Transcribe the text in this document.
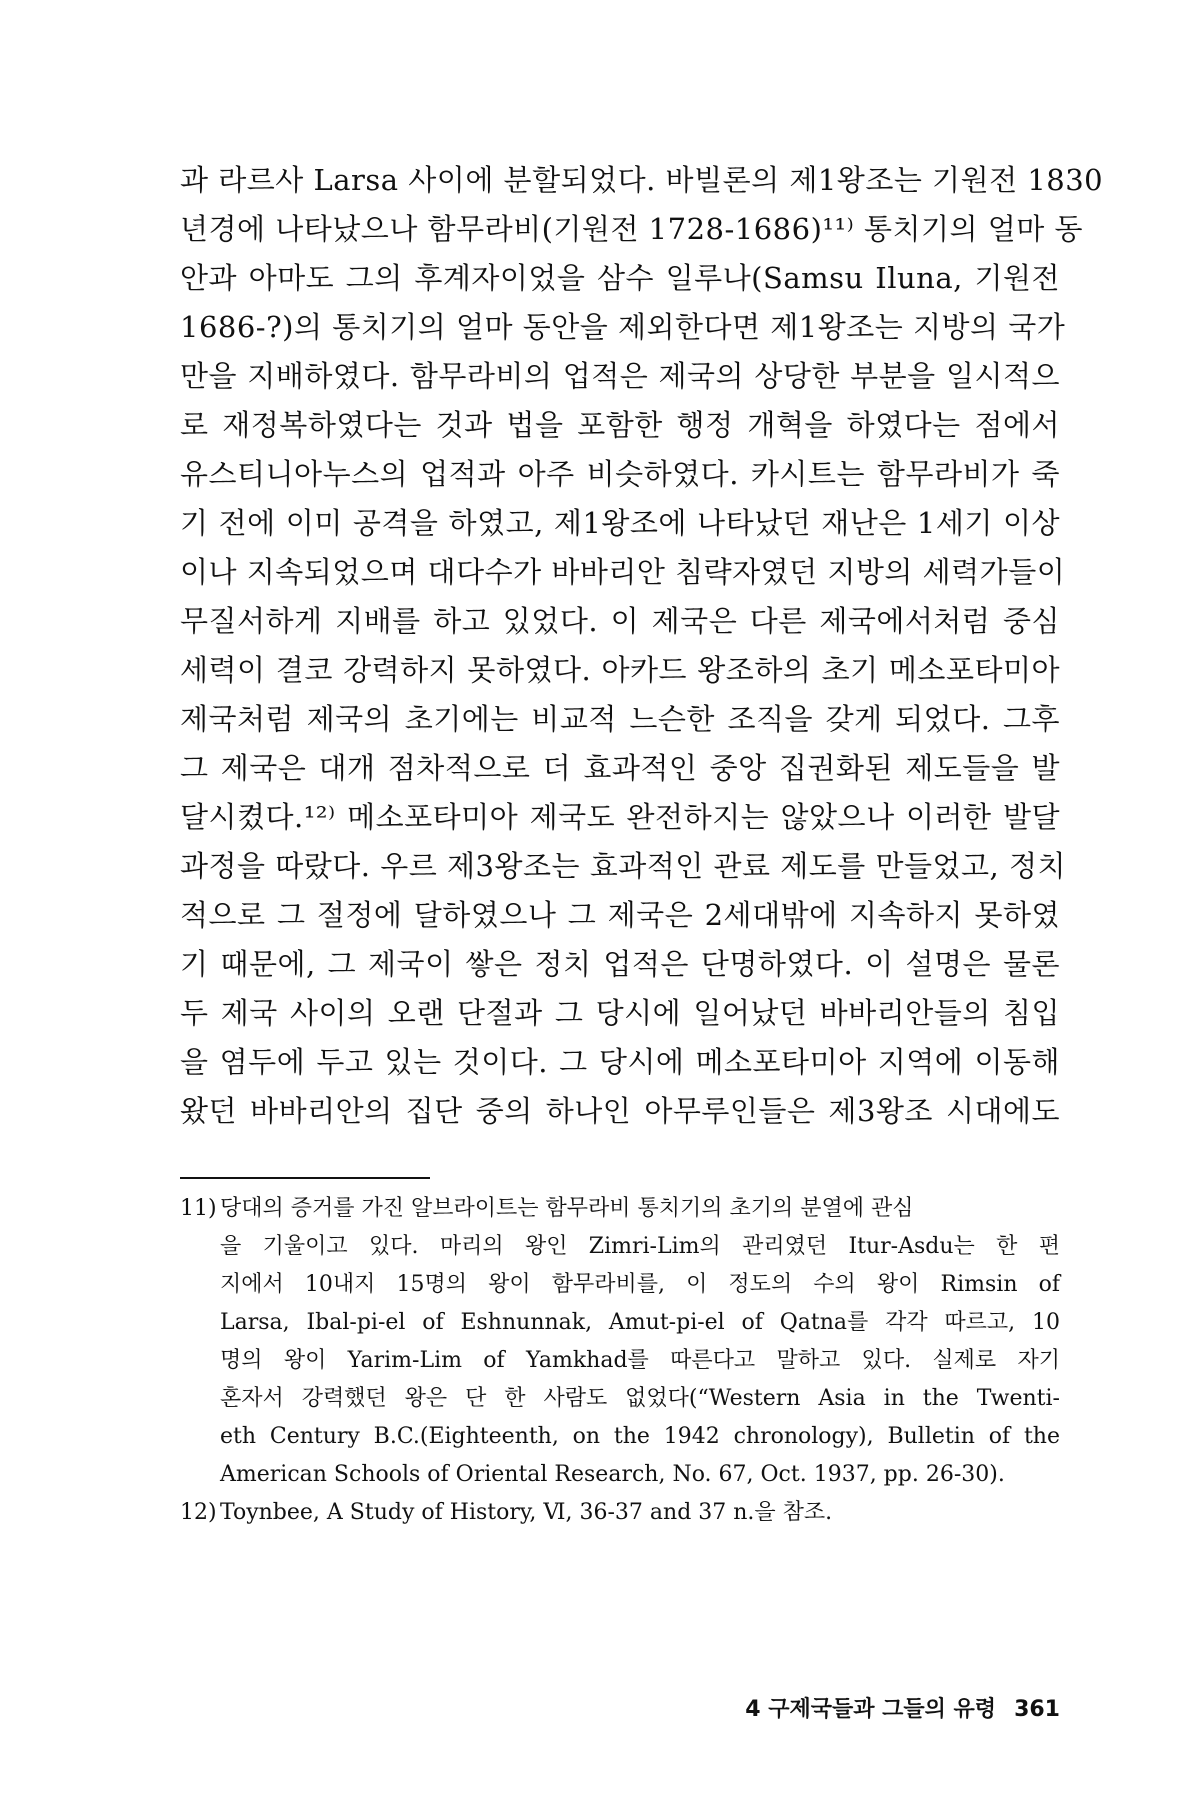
과 라르사 Larsa 사이에 분할되었다. 바빌론의 제1왕조는 기원전 1830
년경에 나타났으나 함무라비(기원전 1728-1686)¹¹⁾ 통치기의 얼마 동
안과 아마도 그의 후계자이었을 삼수 일루나(Samsu Iluna, 기원전
1686-?)의 통치기의 얼마 동안을 제외한다면 제1왕조는 지방의 국가
만을 지배하였다. 함무라비의 업적은 제국의 상당한 부분을 일시적으
로 재정복하였다는 것과 법을 포함한 행정 개혁을 하였다는 점에서
유스티니아누스의 업적과 아주 비슷하였다. 카시트는 함무라비가 죽
기 전에 이미 공격을 하였고, 제1왕조에 나타났던 재난은 1세기 이상
이나 지속되었으며 대다수가 바바리안 침략자였던 지방의 세력가들이
무질서하게 지배를 하고 있었다. 이 제국은 다른 제국에서처럼 중심
세력이 결코 강력하지 못하였다. 아카드 왕조하의 초기 메소포타미아
제국처럼 제국의 초기에는 비교적 느슨한 조직을 갖게 되었다. 그후
그 제국은 대개 점차적으로 더 효과적인 중앙 집권화된 제도들을 발
달시켰다.¹²⁾ 메소포타미아 제국도 완전하지는 않았으나 이러한 발달
과정을 따랐다. 우르 제3왕조는 효과적인 관료 제도를 만들었고, 정치
적으로 그 절정에 달하였으나 그 제국은 2세대밖에 지속하지 못하였
기 때문에, 그 제국이 쌓은 정치 업적은 단명하였다. 이 설명은 물론
두 제국 사이의 오랜 단절과 그 당시에 일어났던 바바리안들의 침입
을 염두에 두고 있는 것이다. 그 당시에 메소포타미아 지역에 이동해
왔던 바바리안의 집단 중의 하나인 아무루인들은 제3왕조 시대에도
11) 당대의 증거를 가진 알브라이트는 함무라비 통치기의 초기의 분열에 관심
을 기울이고 있다. 마리의 왕인 Zimri-Lim의 관리였던 Itur-Asdu는 한 편
지에서 10내지 15명의 왕이 함무라비를, 이 정도의 수의 왕이 Rimsin of
Larsa, Ibal-pi-el of Eshnunnak, Amut-pi-el of Qatna를 각각 따르고, 10
명의 왕이 Yarim-Lim of Yamkhad를 따른다고 말하고 있다. 실제로 자기
혼자서 강력했던 왕은 단 한 사람도 없었다(“Western Asia in the Twenti-
eth Century B.C.(Eighteenth, on the 1942 chronology), Bulletin of the
American Schools of Oriental Research, No. 67, Oct. 1937, pp. 26-30).
12) Toynbee, A Study of History, Ⅵ, 36-37 and 37 n.을 참조.
4 구제국들과 그들의 유령 361
